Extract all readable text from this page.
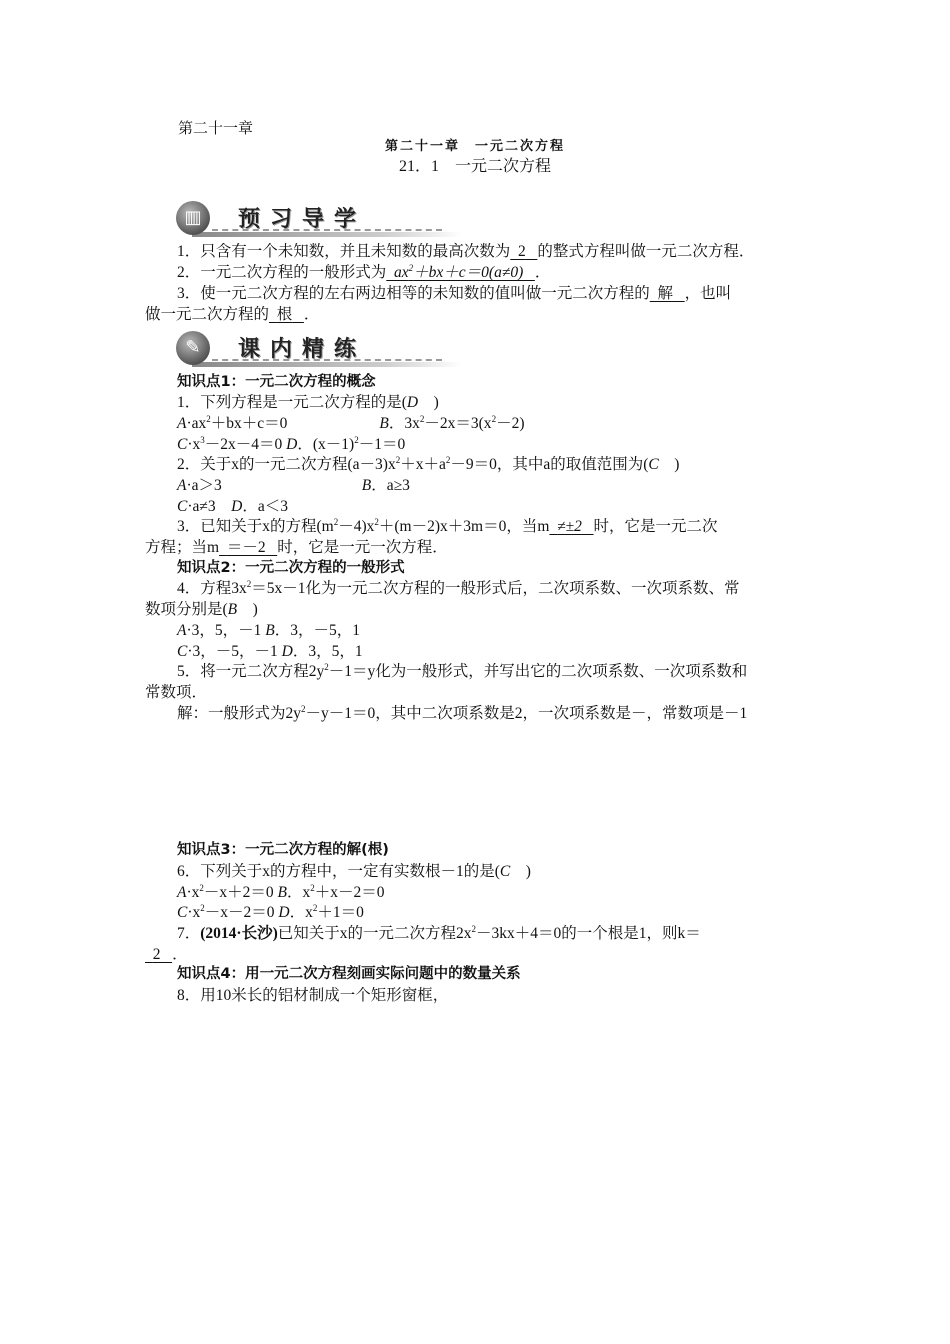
第二十一章
第二十一章　一元二次方程
21．1　一元二次方程
▥	预习导学
1．只含有一个未知数，并且未知数的最高次数为 2 的整式方程叫做一元二次方程．
2．一元二次方程的一般形式为  $ax^2+bx+c=0(a\ne 0)$   ．
3．使一元二次方程的左右两边相等的未知数的值叫做一元二次方程的 解 ，也叫
做一元二次方程的 根 ．
✎	课内精练
知识点1：一元二次方程的概念
1．下列方程是一元二次方程的是(D　 )
$A\cdot ax^2+bx+c=0$	B．$3x^2-2x=3(x^2-2)$
$C\cdot x^3-2x-4=0$ D．$(x-1)^2-1=0$
2．关于x的一元二次方程$(a-3)x^2+x+a^2-9=0$，其中a的取值范围为(C　)
A·a＞3	B．a≥3
C·a≠3　 D．a＜3
3．已知关于x的方程$(m^2-4)x^2+(m-2)x+3m=0$，当m ≠±2 时，它是一元二次
方程；当m ＝－2 时，它是一元一次方程．
知识点2：一元二次方程的一般形式
4．方程$3x^2=5x-1$化为一元二次方程的一般形式后，二次项系数、一次项系数、常
数项分别是(B　 )
A·3，5，－1 B．3，－5，1
C·3，－5，－1 D．3，5，1
5．将一元二次方程$2y^2-1=y$化为一般形式，并写出它的二次项系数、一次项系数和
常数项．
解：一般形式为$2y^2-y-1=0$，其中二次项系数是2，一次项系数是－，常数项是－1
知识点3：一元二次方程的解(根)
6．下列关于x的方程中，一定有实数根－1的是(C　 )
$A\cdot x^2-x+2=0$ B．$x^2+x-2=0$
$C\cdot x^2-x-2=0$ D．$x^2+1=0$
7．(2014·长沙)已知关于x的一元二次方程$2x^2-3kx+4=0$的一个根是1，则k＝
2 ．
知识点4：用一元二次方程刻画实际问题中的数量关系
8．用10米长的铝材制成一个矩形窗框，
